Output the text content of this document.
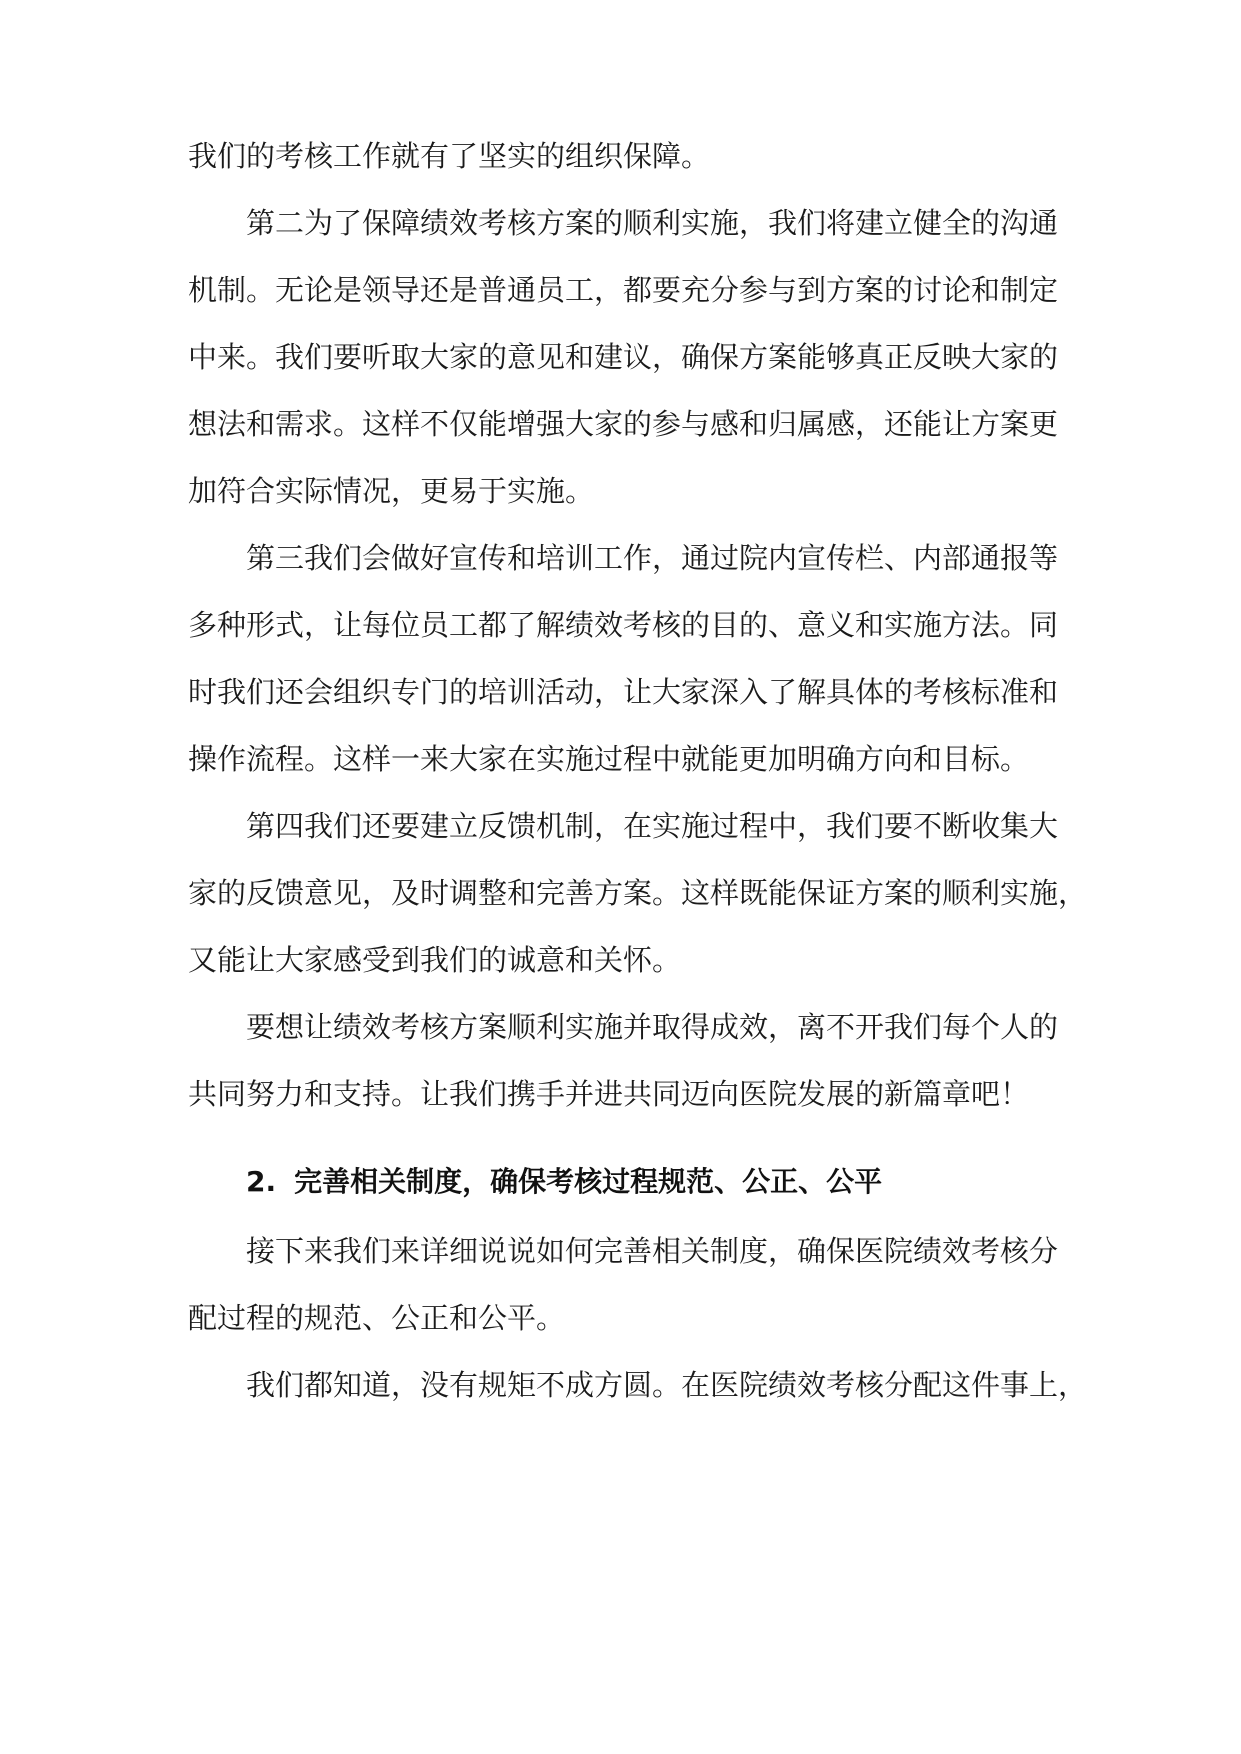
我们的考核工作就有了坚实的组织保障。
第二为了保障绩效考核方案的顺利实施，我们将建立健全的沟通
机制。无论是领导还是普通员工，都要充分参与到方案的讨论和制定
中来。我们要听取大家的意见和建议，确保方案能够真正反映大家的
想法和需求。这样不仅能增强大家的参与感和归属感，还能让方案更
加符合实际情况，更易于实施。
第三我们会做好宣传和培训工作，通过院内宣传栏、内部通报等
多种形式，让每位员工都了解绩效考核的目的、意义和实施方法。同
时我们还会组织专门的培训活动，让大家深入了解具体的考核标准和
操作流程。这样一来大家在实施过程中就能更加明确方向和目标。
第四我们还要建立反馈机制，在实施过程中，我们要不断收集大
家的反馈意见，及时调整和完善方案。这样既能保证方案的顺利实施，
又能让大家感受到我们的诚意和关怀。
要想让绩效考核方案顺利实施并取得成效，离不开我们每个人的
共同努力和支持。让我们携手并进共同迈向医院发展的新篇章吧！
2. 完善相关制度，确保考核过程规范、公正、公平
接下来我们来详细说说如何完善相关制度，确保医院绩效考核分
配过程的规范、公正和公平。
我们都知道，没有规矩不成方圆。在医院绩效考核分配这件事上，
